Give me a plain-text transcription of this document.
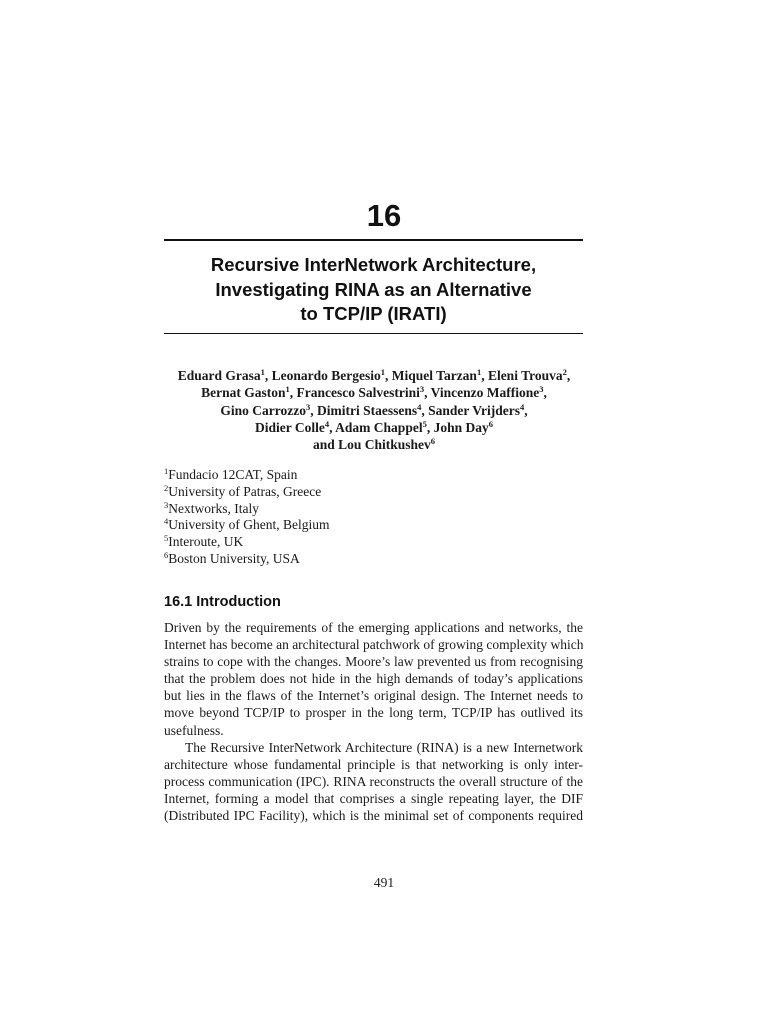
16
Recursive InterNetwork Architecture,
Investigating RINA as an Alternative
to TCP/IP (IRATI)
Eduard Grasa$^1$, Leonardo Bergesio$^1$, Miquel Tarzan$^1$, Eleni Trouva$^2$,
Bernat Gaston$^1$, Francesco Salvestrini$^3$, Vincenzo Maffione$^3$,
Gino Carrozzo$^3$, Dimitri Staessens$^4$, Sander Vrijders$^4$,
Didier Colle$^4$, Adam Chappel$^5$, John Day$^6$
and Lou Chitkushev$^6$
$^1$Fundacio 12CAT, Spain
$^2$University of Patras, Greece
$^3$Nextworks, Italy
$^4$University of Ghent, Belgium
$^5$Interoute, UK
$^6$Boston University, USA
16.1 Introduction
Driven by the requirements of the emerging applications and networks, the
Internet has become an architectural patchwork of growing complexity which
strains to cope with the changes. Moore’s law prevented us from recognising
that the problem does not hide in the high demands of today’s applications
but lies in the flaws of the Internet’s original design. The Internet needs to
move beyond TCP/IP to prosper in the long term, TCP/IP has outlived its
usefulness.
The Recursive InterNetwork Architecture (RINA) is a new Internetwork
architecture whose fundamental principle is that networking is only inter-
process communication (IPC). RINA reconstructs the overall structure of the
Internet, forming a model that comprises a single repeating layer, the DIF
(Distributed IPC Facility), which is the minimal set of components required
491
